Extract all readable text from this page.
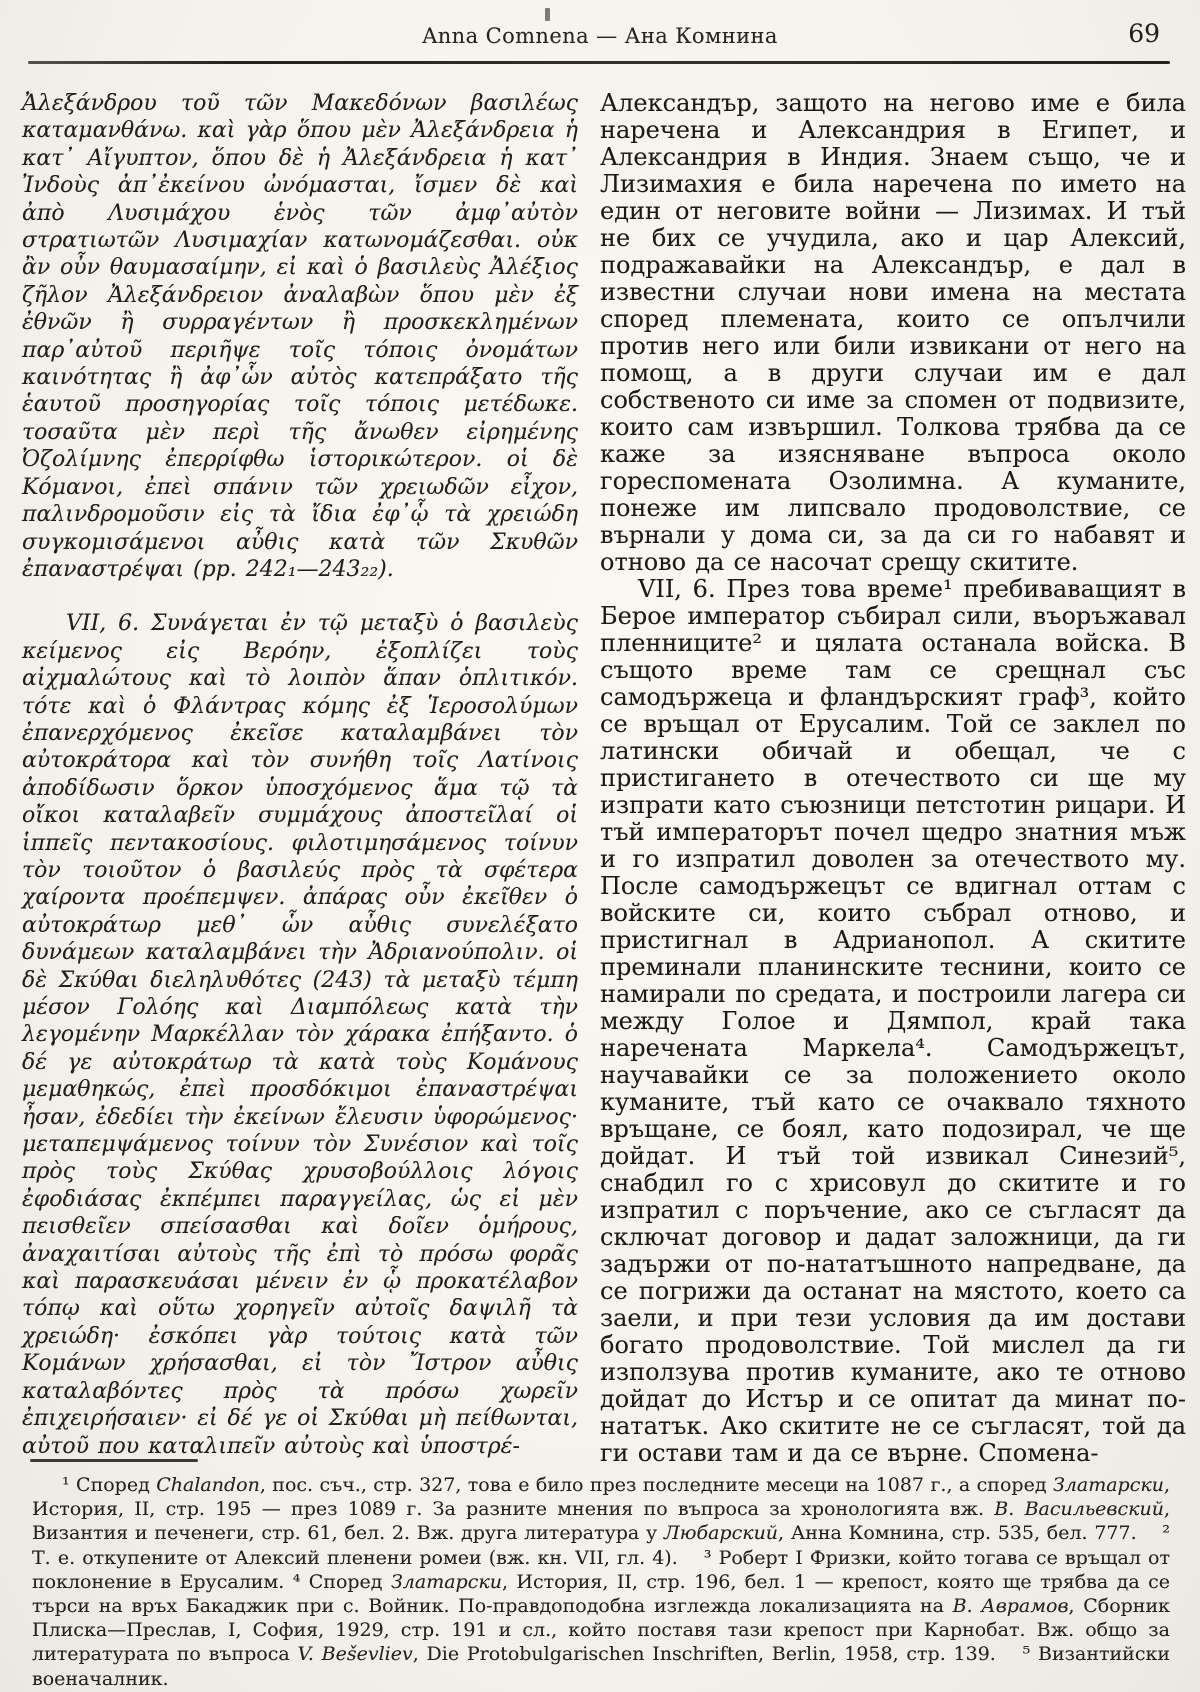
Anna Comnena — Ана Комнина	69

Ἀλεξάνδρου τοῦ τῶν Μακεδόνων βασιλέως καταμανθάνω. καὶ γὰρ ὅπου μὲν Ἀλεξάνδρεια ἡ κατ᾽ Αἴγυπτον, ὅπου δὲ ἡ Ἀλεξάνδρεια ἡ κατ᾽ Ἰνδοὺς ἀπ᾽ἐκείνου ὠνόμασται, ἴσμεν δὲ καὶ ἀπὸ Λυσιμάχου ἑνὸς τῶν ἀμφ᾽αὐτὸν στρατιωτῶν Λυσιμαχίαν κατωνομάζεσθαι. οὐκ ἂν οὖν θαυμασαίμην, εἰ καὶ ὁ βασιλεὺς Ἀλέξιος ζῆλον Ἀλεξάνδρειον ἀναλαβὼν ὅπου μὲν ἐξ ἐθνῶν ἢ συρραγέντων ἢ προσκεκλημένων παρ᾽αὐτοῦ περιῆψε τοῖς τόποις ὀνομάτων καινότητας ἢ ἀφ᾽ὧν αὐτὸς κατεπράξατο τῆς ἑαυτοῦ προσηγορίας τοῖς τόποις μετέδωκε. τοσαῦτα μὲν περὶ τῆς ἄνωθεν εἰρημένης Ὀζολίμνης ἐπερρίφθω ἱστορικώτερον. οἱ δὲ Κόμανοι, ἐπεὶ σπάνιν τῶν χρειωδῶν εἶχον, παλινδρομοῦσιν εἰς τὰ ἴδια ἐφ᾽ᾧ τὰ χρειώδη συγκομισάμενοι αὖθις κατὰ τῶν Σκυθῶν ἐπαναστρέψαι (pp. 242₁—243₂₂).

VII, 6. Συνάγεται ἐν τῷ μεταξὺ ὁ βασιλεὺς κείμενος εἰς Βερόην, ἐξοπλίζει τοὺς αἰχμαλώτους καὶ τὸ λοιπὸν ἅπαν ὁπλιτικόν. τότε καὶ ὁ Φλάντρας κόμης ἐξ Ἱεροσολύμων ἐπανερχόμενος ἐκεῖσε καταλαμβάνει τὸν αὐτοκράτορα καὶ τὸν συνήθη τοῖς Λατίνοις ἀποδίδωσιν ὅρκον ὑποσχόμενος ἅμα τῷ τὰ οἴκοι καταλαβεῖν συμμάχους ἀποστεῖλαί οἱ ἱππεῖς πεντακοσίους. φιλοτιμησάμενος τοίνυν τὸν τοιοῦτον ὁ βασιλεύς πρὸς τὰ σφέτερα χαίροντα προέπεμψεν. ἀπάρας οὖν ἐκεῖθεν ὁ αὐτοκράτωρ μεθ᾽ ὧν αὖθις συνελέξατο δυνάμεων καταλαμβάνει τὴν Ἀδριανούπολιν. οἱ δὲ Σκύθαι διεληλυθότες (243) τὰ μεταξὺ τέμπη μέσον Γολόης καὶ Διαμπόλεως κατὰ τὴν λεγομένην Μαρκέλλαν τὸν χάρακα ἐπήξαντο. ὁ δέ γε αὐτοκράτωρ τὰ κατὰ τοὺς Κομάνους μεμαθηκώς, ἐπεὶ προσδόκιμοι ἐπαναστρέψαι ἦσαν, ἐδεδίει τὴν ἐκείνων ἔλευσιν ὑφορώμενος· μεταπεμψάμενος τοίνυν τὸν Συνέσιον καὶ τοῖς πρὸς τοὺς Σκύθας χρυσοβούλλοις λόγοις ἐφοδιάσας ἐκπέμπει παραγγείλας, ὡς εἰ μὲν πεισθεῖεν σπείσασθαι καὶ δοῖεν ὁμήρους, ἀναχαιτίσαι αὐτοὺς τῆς ἐπὶ τὸ πρόσω φορᾶς καὶ παρασκευάσαι μένειν ἐν ᾧ προκατέλαβον τόπῳ καὶ οὕτω χορηγεῖν αὐτοῖς δαψιλῆ τὰ χρειώδη· ἐσκόπει γὰρ τούτοις κατὰ τῶν Κομάνων χρήσασθαι, εἰ τὸν Ἴστρον αὖθις καταλαβόντες πρὸς τὰ πρόσω χωρεῖν ἐπιχειρήσαιεν· εἰ δέ γε οἱ Σκύθαι μὴ πείθωνται, αὐτοῦ που καταλιπεῖν αὐτοὺς καὶ ὑποστρέ-

Александър, защото на негово име е била наречена и Александрия в Египет, и Александрия в Индия. Знаем също, че и Лизимахия е била наречена по името на един от неговите войни — Лизимах. И тъй не бих се учудила, ако и цар Алексий, подражавайки на Александър, е дал в известни случаи нови имена на местата според племената, които се опълчили против него или били извикани от него на помощ, а в други случаи им е дал собственото си име за спомен от подвизите, които сам извършил. Толкова трябва да се каже за изясняване въпроса около гореспомената Озолимна. А куманите, понеже им липсвало продоволствие, се върнали у дома си, за да си го набавят и отново да се насочат срещу скитите.

VII, 6. През това време¹ пребиваващият в Берое император събирал сили, въоръжавал пленниците² и цялата останала войска. В същото време там се срещнал със самодържеца и фландърският граф³, който се връщал от Ерусалим. Той се заклел по латински обичай и обещал, че с пристигането в отечеството си ще му изпрати като съюзници петстотин рицари. И тъй императорът почел щедро знатния мъж и го изпратил доволен за отечеството му. После самодържецът се вдигнал оттам с войските си, които събрал отново, и пристигнал в Адрианопол. А скитите преминали планинските теснини, които се намирали по средата, и построили лагера си между Голое и Дямпол, край така наречената Маркела⁴. Самодържецът, научавайки се за положението около куманите, тъй като се очаквало тяхното връщане, се боял, като подозирал, че ще дойдат. И тъй той извикал Синезий⁵, снабдил го с хрисовул до скитите и го изпратил с поръчение, ако се съгласят да сключат договор и дадат заложници, да ги задържи от по-нататъшното напредване, да се погрижи да останат на мястото, което са заели, и при тези условия да им достави богато продоволствие. Той мислел да ги използува против куманите, ако те отново дойдат до Истър и се опитат да минат по-нататък. Ако скитите не се съгласят, той да ги остави там и да се върне. Спомена-

¹ Според Chalandon, пос. съч., стр. 327, това е било през последните месеци на 1087 г., а според Златарски, История, II, стр. 195 — през 1089 г. За разните мнения по въпроса за хронологията вж. В. Васильевский, Византия и печенеги, стр. 61, бел. 2. Вж. друга литература у Любарский, Анна Комнина, стр. 535, бел. 777.  ² Т. е. откупените от Алексий пленени ромеи (вж. кн. VII, гл. 4).  ³ Роберт I Фризки, който тогава се връщал от поклонение в Ерусалим. ⁴ Според Златарски, История, II, стр. 196, бел. 1 — крепост, която ще трябва да се търси на връх Бакаджик при с. Войник. По-правдоподобна изглежда локализацията на В. Аврамов, Сборник Плиска—Преслав, I, София, 1929, стр. 191 и сл., който поставя тази крепост при Карнобат. Вж. общо за литературата по въпроса V. Beševliev, Die Protobulgarischen Inschriften, Berlin, 1958, стр. 139.  ⁵ Византийски военачалник.
